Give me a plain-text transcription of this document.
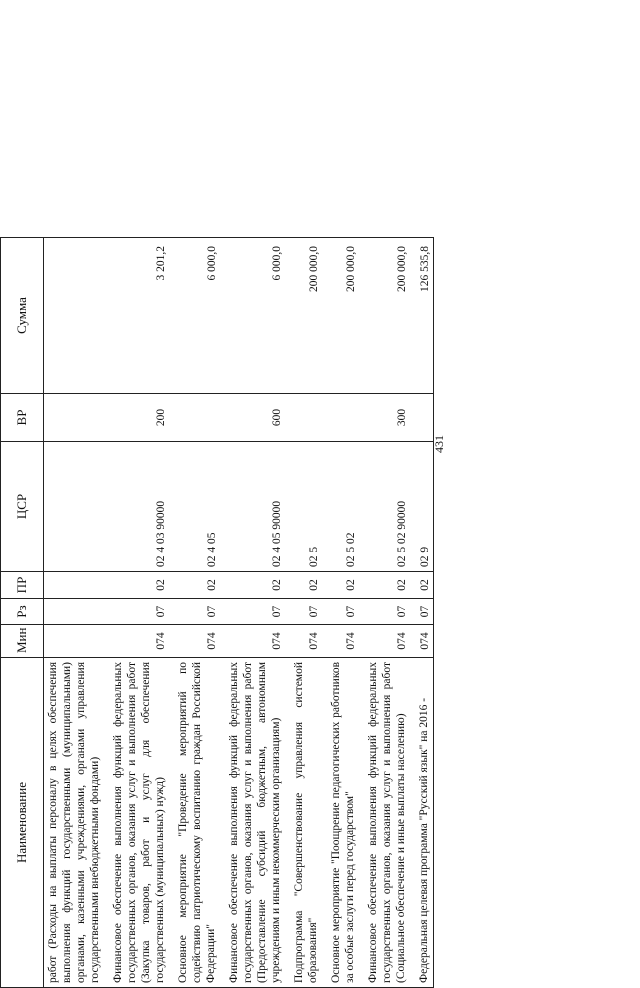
431
Наименование	Мин	Рз	ПР	ЦСР	ВР	Сумма
работ (Расходы на выплаты персоналу в целях обеспечения выполнения функций государственными (муниципальными) органами, казенными учреждениями, органами управления государственными внебюджетными фондами)						
Финансовое обеспечение выполнения функций федеральных государственных органов, оказания услуг и выполнения работ (Закупка товаров, работ и услуг для обеспечения государственных (муниципальных) нужд)	074	07	02	02 4 03 90000	200	3 201,2
Основное мероприятие "Проведение мероприятий по содействию патриотическому воспитанию граждан Российской Федерации"	074	07	02	02 4 05		6 000,0
Финансовое обеспечение выполнения функций федеральных государственных органов, оказания услуг и выполнения работ (Предоставление субсидий бюджетным, автономным учреждениям и иным некоммерческим организациям)	074	07	02	02 4 05 90000	600	6 000,0
Подпрограмма "Совершенствование управления системой образования"	074	07	02	02 5		200 000,0
Основное мероприятие "Поощрение педагогических работников за особые заслуги перед государством"	074	07	02	02 5 02		200 000,0
Финансовое обеспечение выполнения функций федеральных государственных органов, оказания услуг и выполнения работ (Социальное обеспечение и иные выплаты населению)	074	07	02	02 5 02 90000	300	200 000,0
Федеральная целевая программа "Русский язык" на 2016 -	074	07	02	02 9		126 535,8
